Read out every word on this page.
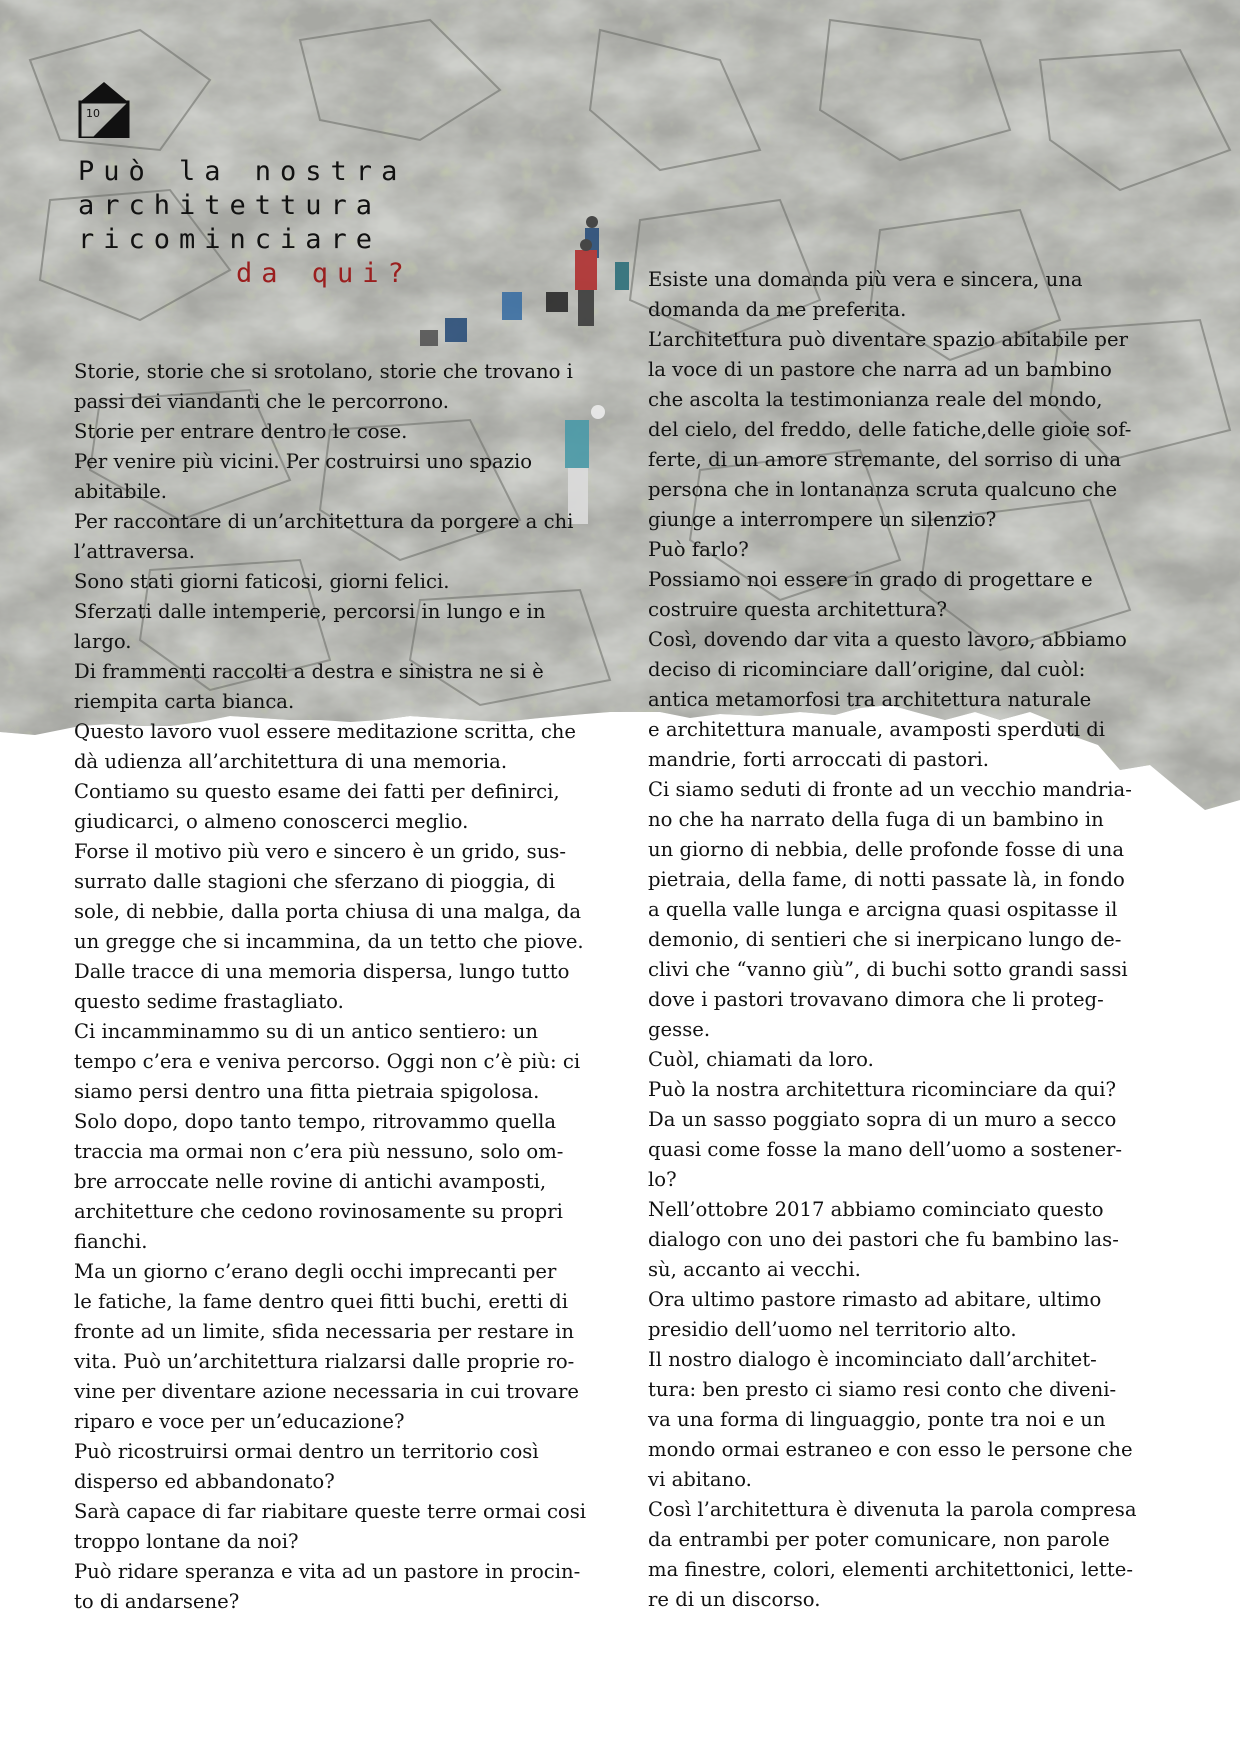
10
Può la nostra
architettura
ricominciare
da qui?

Storie, storie che si srotolano, storie che trovano i
passi dei viandanti che le percorrono.

Storie per entrare dentro le cose.

Per venire più vicini. Per costruirsi uno spazio
abitabile.

Per raccontare di un’architettura da porgere a chi
l’attraversa.

Sono stati giorni faticosi, giorni felici.

Sferzati dalle intemperie, percorsi in lungo e in
largo.

Di frammenti raccolti a destra e sinistra ne si è
riempita carta bianca.

Questo lavoro vuol essere meditazione scritta, che
dà udienza all’architettura di una memoria.

Contiamo su questo esame dei fatti per definirci,
giudicarci, o almeno conoscerci meglio.

Forse il motivo più vero e sincero è un grido, sus-
surrato dalle stagioni che sferzano di pioggia, di
sole, di nebbie, dalla porta chiusa di una malga, da
un gregge che si incammina, da un tetto che piove.

Dalle tracce di una memoria dispersa, lungo tutto
questo sedime frastagliato.

Ci incamminammo su di un antico sentiero: un
tempo c’era e veniva percorso. Oggi non c’è più: ci
siamo persi dentro una fitta pietraia spigolosa.

Solo dopo, dopo tanto tempo, ritrovammo quella
traccia ma ormai non c’era più nessuno, solo om-
bre arroccate nelle rovine di antichi avamposti,
architetture che cedono rovinosamente su propri
fianchi.

Ma un giorno c’erano degli occhi imprecanti per
le fatiche, la fame dentro quei fitti buchi, eretti di
fronte ad un limite, sfida necessaria per restare in
vita. Può un’architettura rialzarsi dalle proprie ro-
vine per diventare azione necessaria in cui trovare
riparo e voce per un’educazione?

Può ricostruirsi ormai dentro un territorio così
disperso ed abbandonato?

Sarà capace di far riabitare queste terre ormai cosi
troppo lontane da noi?

Può ridare speranza e vita ad un pastore in procin-
to di andarsene?

Esiste una domanda più vera e sincera, una
domanda da me preferita.

L’architettura può diventare spazio abitabile per
la voce di un pastore che narra ad un bambino
che ascolta la testimonianza reale del mondo,
del cielo, del freddo, delle fatiche,delle gioie sof-
ferte, di un amore stremante, del sorriso di una
persona che in lontananza scruta qualcuno che
giunge a interrompere un silenzio?

Può farlo?

Possiamo noi essere in grado di progettare e
costruire questa architettura?

Così, dovendo dar vita a questo lavoro, abbiamo
deciso di ricominciare dall’origine, dal cuòl:
antica metamorfosi tra architettura naturale
e architettura manuale, avamposti sperduti di
mandrie, forti arroccati di pastori.

Ci siamo seduti di fronte ad un vecchio mandria-
no che ha narrato della fuga di un bambino in
un giorno di nebbia, delle profonde fosse di una
pietraia, della fame, di notti passate là, in fondo
a quella valle lunga e arcigna quasi ospitasse il
demonio, di sentieri che si inerpicano lungo de-
clivi che “vanno giù”, di buchi sotto grandi sassi
dove i pastori trovavano dimora che li proteg-
gesse.

Cuòl, chiamati da loro.

Può la nostra architettura ricominciare da qui?

Da un sasso poggiato sopra di un muro a secco
quasi come fosse la mano dell’uomo a sostener-
lo?

Nell’ottobre 2017 abbiamo cominciato questo
dialogo con uno dei pastori che fu bambino las-
sù, accanto ai vecchi.

Ora ultimo pastore rimasto ad abitare, ultimo
presidio dell’uomo nel territorio alto.

Il nostro dialogo è incominciato dall’architet-
tura: ben presto ci siamo resi conto che diveni-
va una forma di linguaggio, ponte tra noi e un
mondo ormai estraneo e con esso le persone che
vi abitano.

Così l’architettura è divenuta la parola compresa
da entrambi per poter comunicare, non parole
ma finestre, colori, elementi architettonici, lette-
re di un discorso.
